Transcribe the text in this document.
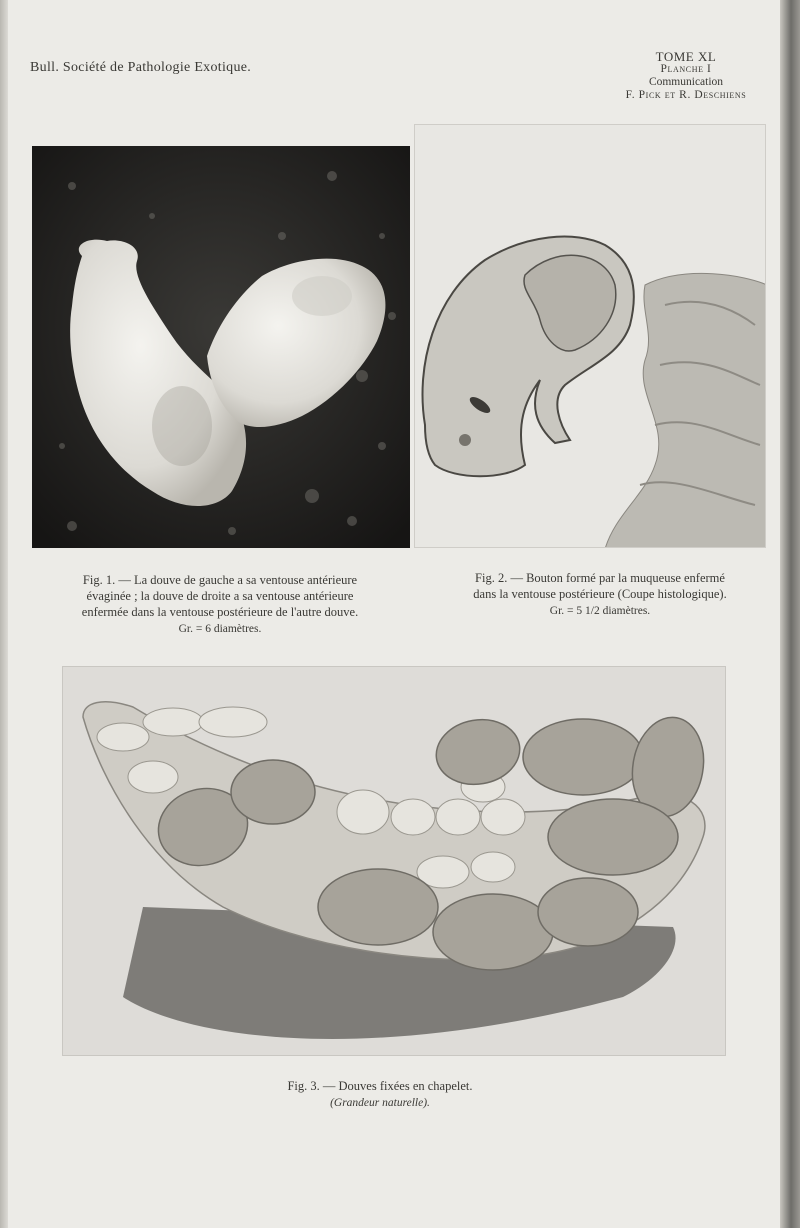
Bull. Société de Pathologie Exotique.
TOME XL
Planche I
Communication
F. Pick et R. Deschiens
Fig. 1. — La douve de gauche a sa ventouse antérieure
évaginée ; la douve de droite a sa ventouse antérieure
enfermée dans la ventouse postérieure de l'autre douve.
Gr. = 6 diamètres.
Fig. 2. — Bouton formé par la muqueuse enfermé
dans la ventouse postérieure (Coupe histologique).
Gr. = 5 1/2 diamètres.
Fig. 3. — Douves fixées en chapelet.
(Grandeur naturelle).
